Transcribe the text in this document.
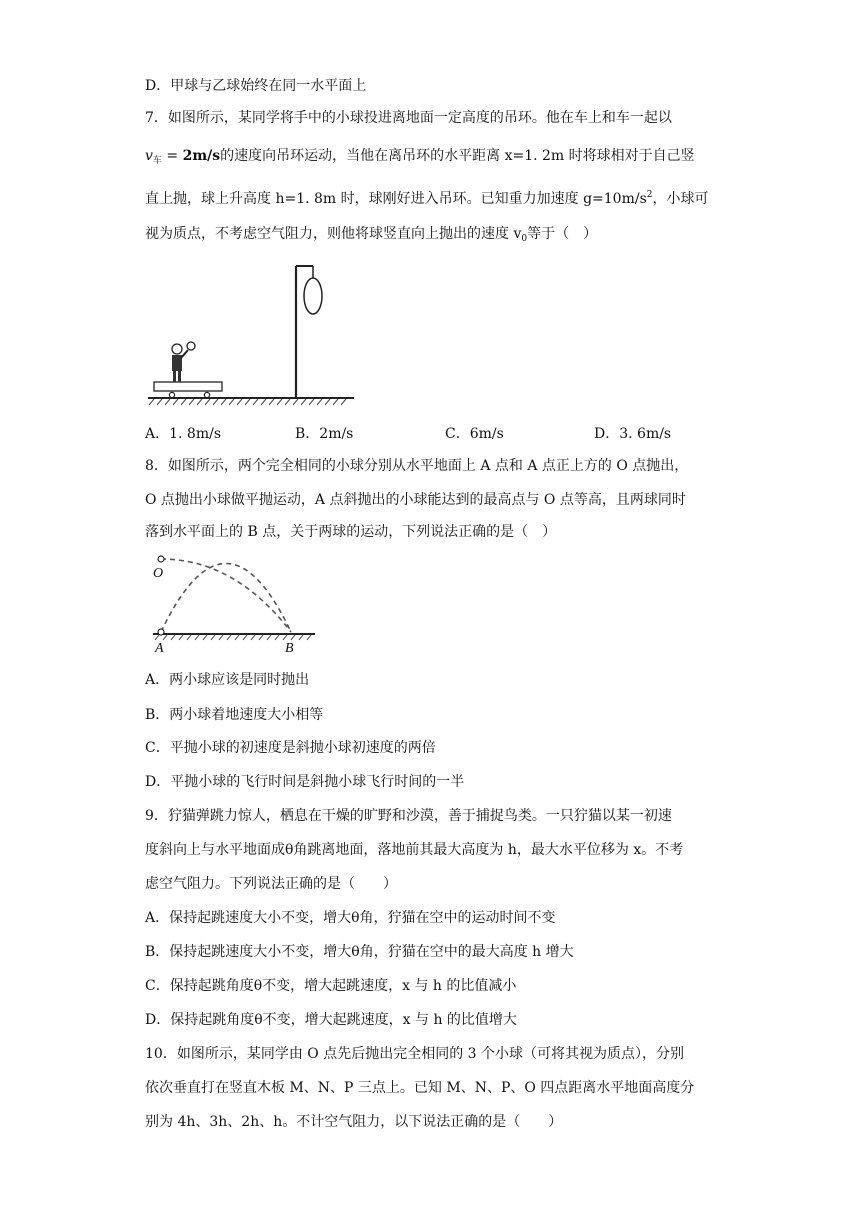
D．甲球与乙球始终在同一水平面上
7．如图所示，某同学将手中的小球投进离地面一定高度的吊环。他在车上和车一起以
$v_车 = 2m/s$的速度向吊环运动，当他在离吊环的水平距离 x=1. 2m 时将球相对于自己竖
直上抛，球上升高度 h=1. 8m 时，球刚好进入吊环。已知重力加速度 $g=10m/s^2$，小球可
视为质点，不考虑空气阻力，则他将球竖直向上抛出的速度 $v_0$等于（　）
A．1. 8m/s	B．2m/s	C．6m/s	D．3. 6m/s
8．如图所示，两个完全相同的小球分别从水平地面上 A 点和 A 点正上方的 O 点抛出，
O 点抛出小球做平抛运动，A 点斜抛出的小球能达到的最高点与 O 点等高，且两球同时
落到水平面上的 B 点，关于两球的运动，下列说法正确的是（　）
O
A	B
A．两小球应该是同时抛出
B．两小球着地速度大小相等
C．平抛小球的初速度是斜抛小球初速度的两倍
D．平抛小球的飞行时间是斜抛小球飞行时间的一半
9．狞猫弹跳力惊人，栖息在干燥的旷野和沙漠，善于捕捉鸟类。一只狞猫以某一初速
度斜向上与水平地面成θ角跳离地面，落地前其最大高度为 h，最大水平位移为 x。不考
虑空气阻力。下列说法正确的是（　　）
A．保持起跳速度大小不变，增大θ角，狞猫在空中的运动时间不变
B．保持起跳速度大小不变，增大θ角，狞猫在空中的最大高度 h 增大
C．保持起跳角度θ不变，增大起跳速度，x 与 h 的比值减小
D．保持起跳角度θ不变，增大起跳速度，x 与 h 的比值增大
10．如图所示，某同学由 O 点先后抛出完全相同的 3 个小球（可将其视为质点），分别
依次垂直打在竖直木板 M、N、P 三点上。已知 M、N、P、O 四点距离水平地面高度分
别为 4h、3h、2h、h。不计空气阻力，以下说法正确的是（　　）
